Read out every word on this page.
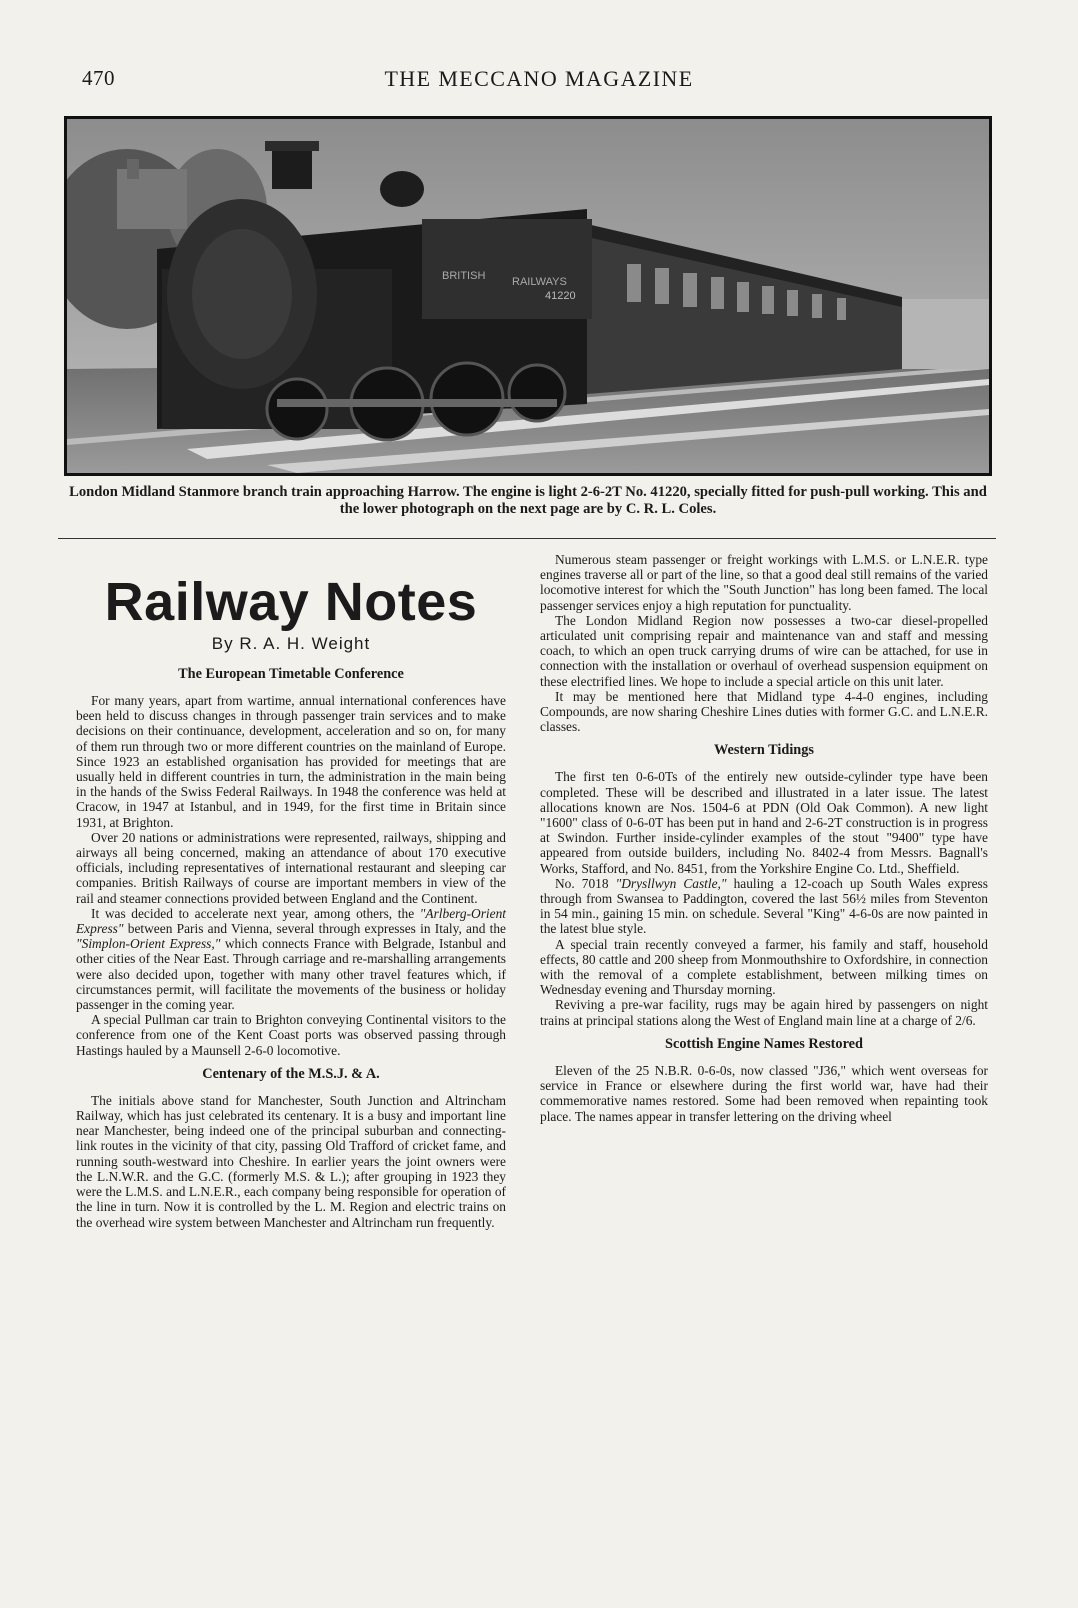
470	THE MECCANO MAGAZINE
BRITISH RAILWAYS
41220
London Midland Stanmore branch train approaching Harrow. The engine is light 2-6-2T No. 41220, specially fitted for push-pull working. This and the lower photograph on the next page are by C. R. L. Coles.
Railway Notes
By R. A. H. Weight
The European Timetable Conference

For many years, apart from wartime, annual international conferences have been held to discuss changes in through passenger train services and to make decisions on their continuance, development, acceleration and so on, for many of them run through two or more different countries on the mainland of Europe. Since 1923 an established organisation has provided for meetings that are usually held in different countries in turn, the administration in the main being in the hands of the Swiss Federal Railways. In 1948 the conference was held at Cracow, in 1947 at Istanbul, and in 1949, for the first time in Britain since 1931, at Brighton.

Over 20 nations or administrations were represented, railways, shipping and airways all being concerned, making an attendance of about 170 executive officials, including representatives of international restaurant and sleeping car companies. British Railways of course are important members in view of the rail and steamer connections provided between England and the Continent.

It was decided to accelerate next year, among others, the "Arlberg-Orient Express" between Paris and Vienna, several through expresses in Italy, and the "Simplon-Orient Express," which connects France with Belgrade, Istanbul and other cities of the Near East. Through carriage and re-marshalling arrangements were also decided upon, together with many other travel features which, if circumstances permit, will facilitate the movements of the business or holiday passenger in the coming year.

A special Pullman car train to Brighton conveying Continental visitors to the conference from one of the Kent Coast ports was observed passing through Hastings hauled by a Maunsell 2-6-0 locomotive.

Centenary of the M.S.J. & A.

The initials above stand for Manchester, South Junction and Altrincham Railway, which has just celebrated its centenary. It is a busy and important line near Manchester, being indeed one of the principal suburban and connecting-link routes in the vicinity of that city, passing Old Trafford of cricket fame, and running south-westward into Cheshire. In earlier years the joint owners were the L.N.W.R. and the G.C. (formerly M.S. & L.); after grouping in 1923 they were the L.M.S. and L.N.E.R., each company being responsible for operation of the line in turn. Now it is controlled by the L. M. Region and electric trains on the overhead wire system between Manchester and Altrincham run frequently.

Numerous steam passenger or freight workings with L.M.S. or L.N.E.R. type engines traverse all or part of the line, so that a good deal still remains of the varied locomotive interest for which the "South Junction" has long been famed. The local passenger services enjoy a high reputation for punctuality.

The London Midland Region now possesses a two-car diesel-propelled articulated unit comprising repair and maintenance van and staff and messing coach, to which an open truck carrying drums of wire can be attached, for use in connection with the installation or overhaul of overhead suspension equipment on these electrified lines. We hope to include a special article on this unit later.

It may be mentioned here that Midland type 4-4-0 engines, including Compounds, are now sharing Cheshire Lines duties with former G.C. and L.N.E.R. classes.

Western Tidings

The first ten 0-6-0Ts of the entirely new outside-cylinder type have been completed. These will be described and illustrated in a later issue. The latest allocations known are Nos. 1504-6 at PDN (Old Oak Common). A new light "1600" class of 0-6-0T has been put in hand and 2-6-2T construction is in progress at Swindon. Further inside-cylinder examples of the stout "9400" type have appeared from outside builders, including No. 8402-4 from Messrs. Bagnall's Works, Stafford, and No. 8451, from the Yorkshire Engine Co. Ltd., Sheffield.

No. 7018 "Drysllwyn Castle," hauling a 12-coach up South Wales express through from Swansea to Paddington, covered the last 56½ miles from Steventon in 54 min., gaining 15 min. on schedule. Several "King" 4-6-0s are now painted in the latest blue style.

A special train recently conveyed a farmer, his family and staff, household effects, 80 cattle and 200 sheep from Monmouthshire to Oxfordshire, in connection with the removal of a complete establishment, between milking times on Wednesday evening and Thursday morning.

Reviving a pre-war facility, rugs may be again hired by passengers on night trains at principal stations along the West of England main line at a charge of 2/6.

Scottish Engine Names Restored

Eleven of the 25 N.B.R. 0-6-0s, now classed "J36," which went overseas for service in France or elsewhere during the first world war, have had their commemorative names restored. Some had been removed when repainting took place. The names appear in transfer lettering on the driving wheel
